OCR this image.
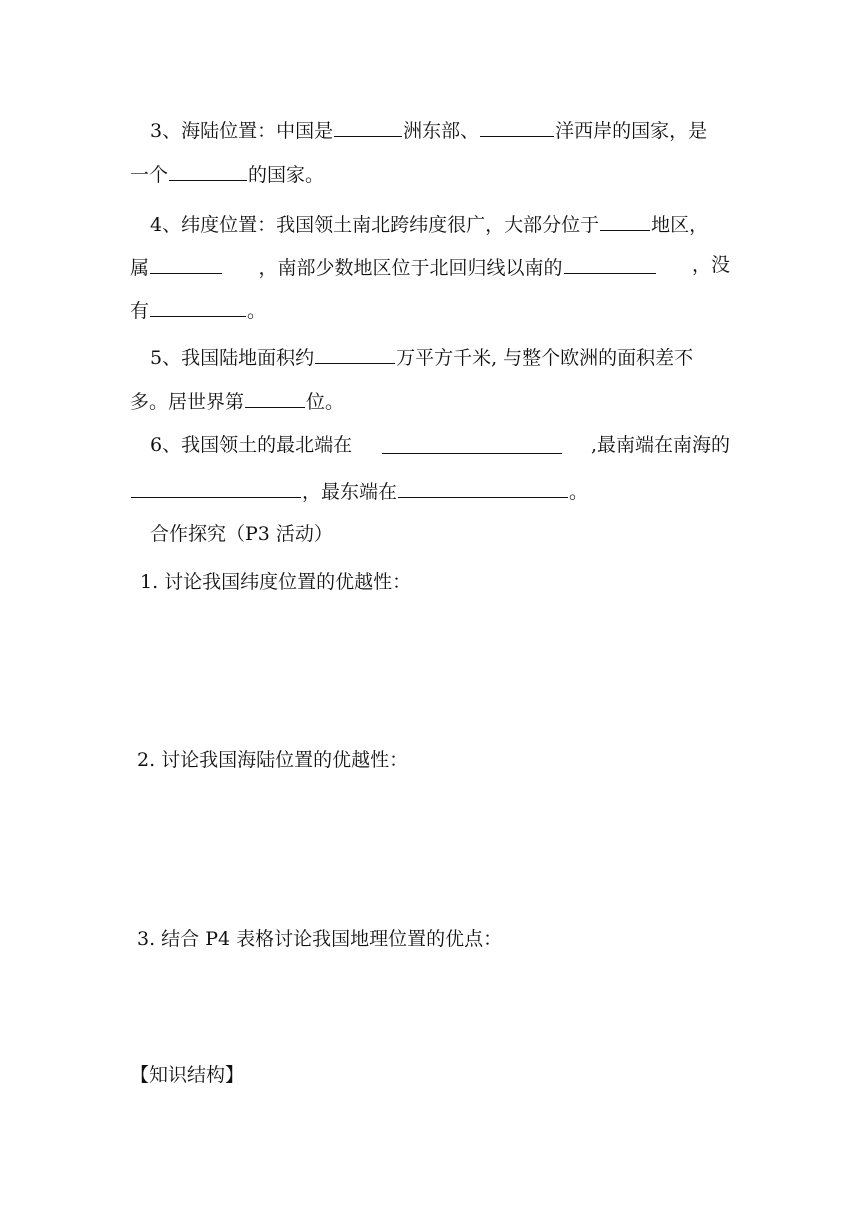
3、海陆位置：中国是	洲东部、	洋西岸的国家，是
一个	的国家。
4、纬度位置：我国领土南北跨纬度很广，大部分位于	地区，
属	，南部少数地区位于北回归线以南的	，没
有	。
5、我国陆地面积约	万平方千米, 与整个欧洲的面积差不
多。居世界第	位。
6、我国领土的最北端在	,最南端在南海的
，最东端在	。
合作探究（P3 活动）
1. 讨论我国纬度位置的优越性：
2. 讨论我国海陆位置的优越性：
3. 结合 P4 表格讨论我国地理位置的优点：
【知识结构】
